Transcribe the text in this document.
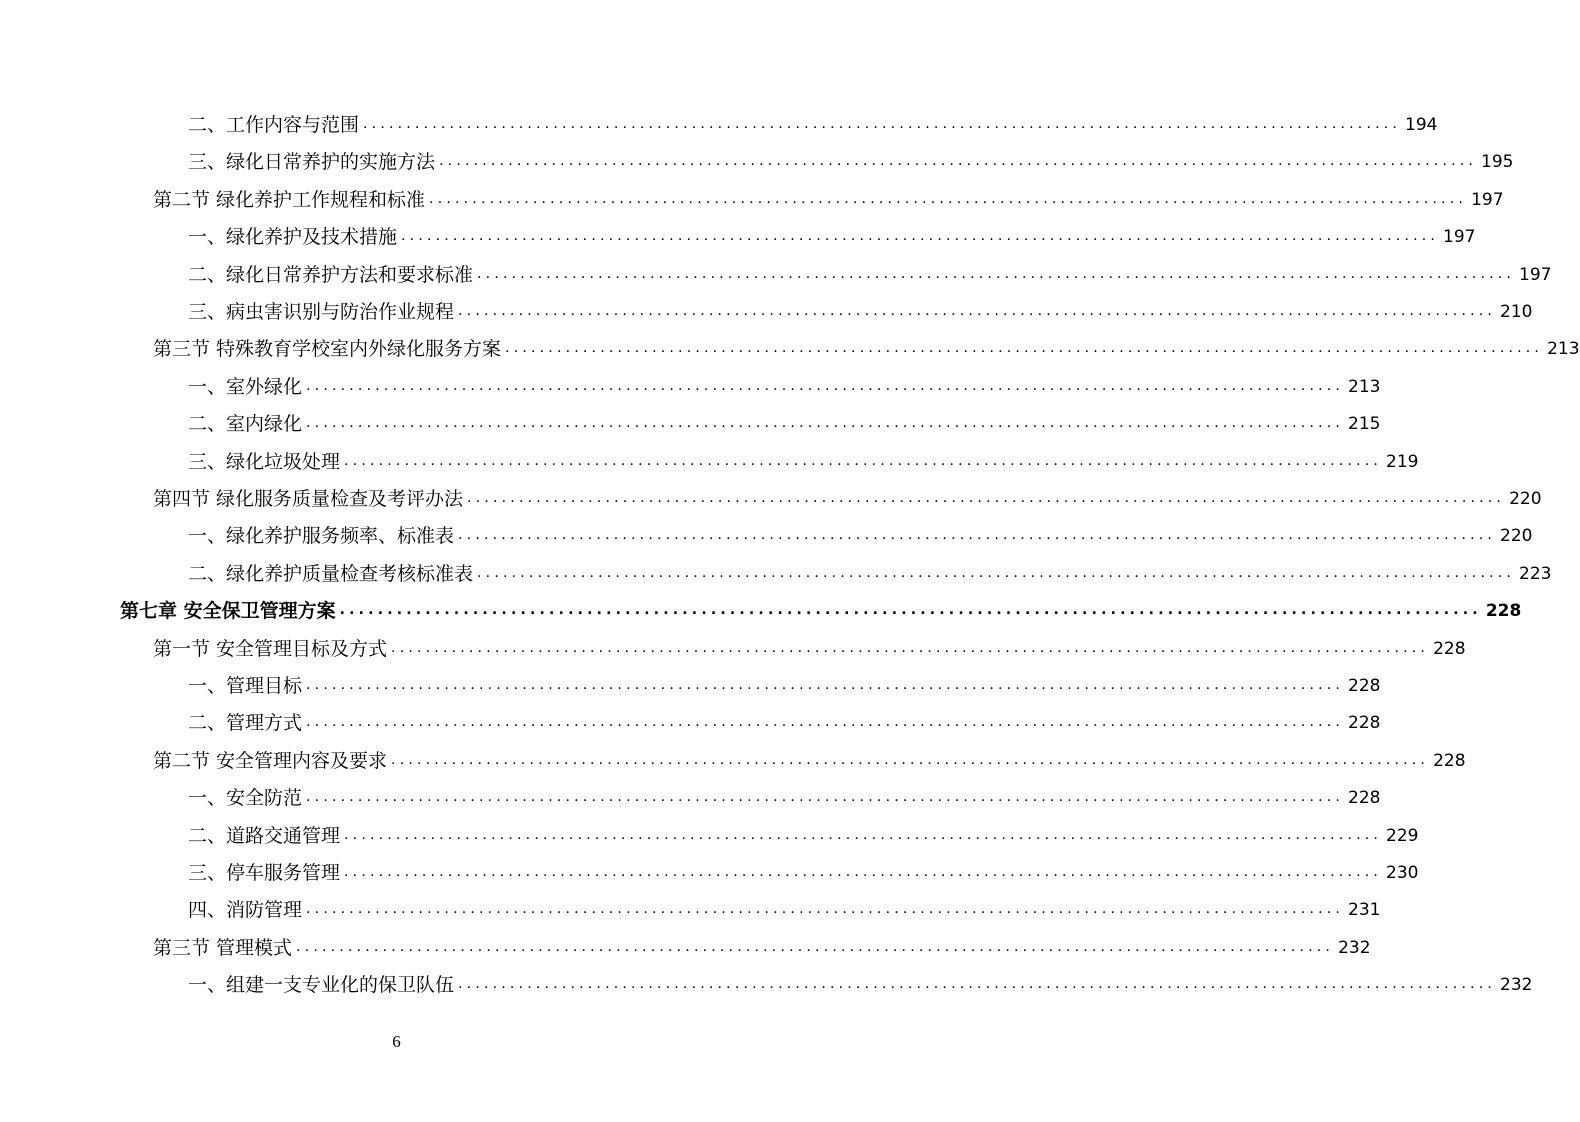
二、工作内容与范围 ........................................................................................................................ 194
三、绿化日常养护的实施方法 ........................................................................................................................ 195
第二节 绿化养护工作规程和标准 ........................................................................................................................ 197
一、绿化养护及技术措施 ........................................................................................................................ 197
二、绿化日常养护方法和要求标准 ........................................................................................................................ 197
三、病虫害识别与防治作业规程 ........................................................................................................................ 210
第三节 特殊教育学校室内外绿化服务方案 ........................................................................................................................ 213
一、室外绿化 ........................................................................................................................ 213
二、室内绿化 ........................................................................................................................ 215
三、绿化垃圾处理 ........................................................................................................................ 219
第四节 绿化服务质量检查及考评办法 ........................................................................................................................ 220
一、绿化养护服务频率、标准表 ........................................................................................................................ 220
二、绿化养护质量检查考核标准表 ........................................................................................................................ 223
第七章 安全保卫管理方案 ........................................................................................................................ 228
第一节 安全管理目标及方式 ........................................................................................................................ 228
一、管理目标 ........................................................................................................................ 228
二、管理方式 ........................................................................................................................ 228
第二节 安全管理内容及要求 ........................................................................................................................ 228
一、安全防范 ........................................................................................................................ 228
二、道路交通管理 ........................................................................................................................ 229
三、停车服务管理 ........................................................................................................................ 230
四、消防管理 ........................................................................................................................ 231
第三节 管理模式 ........................................................................................................................ 232
一、组建一支专业化的保卫队伍 ........................................................................................................................ 232
6
